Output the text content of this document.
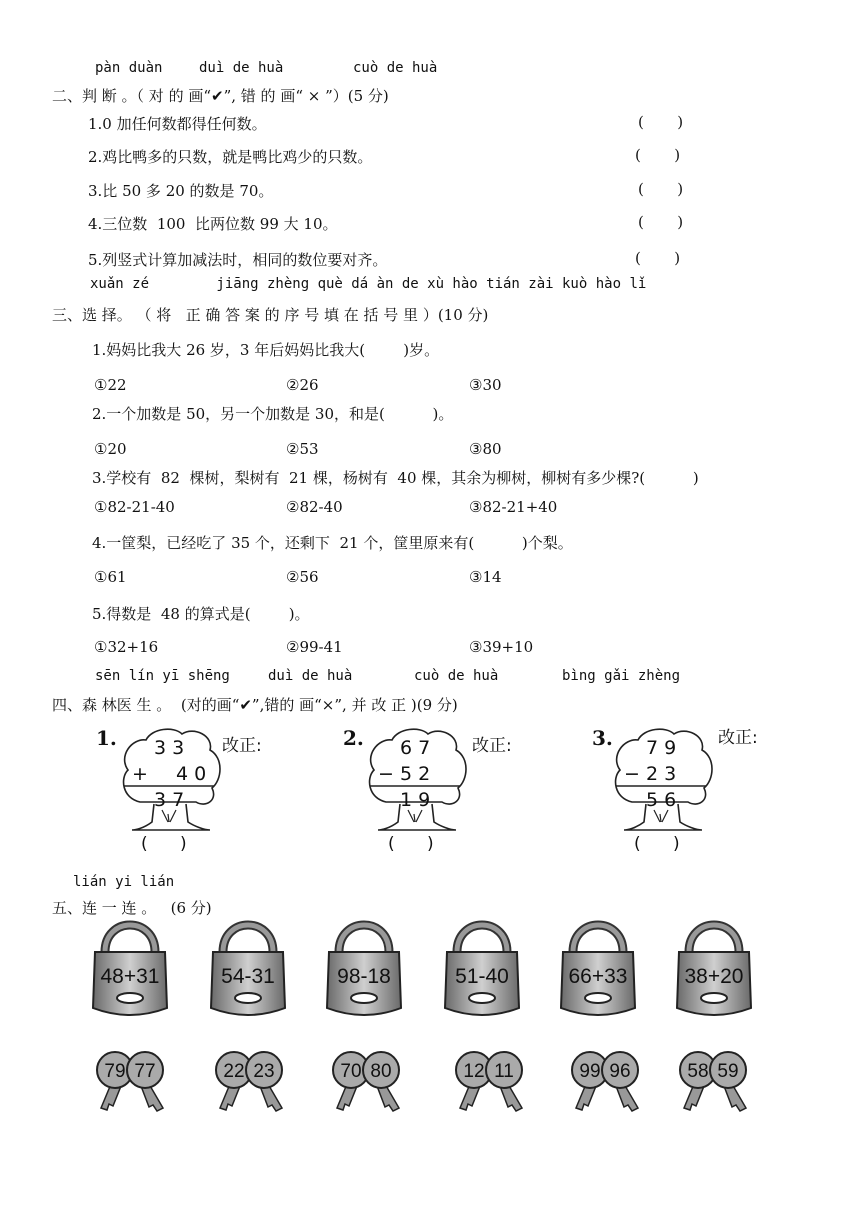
pàn duàn	duì de huà	cuò de huà
二、判 断 。（ 对 的 画“✔”, 错 的 画“ × ”）(5 分)
1.0 加任何数都得任何数。	(       )
2.鸡比鸭多的只数，就是鸭比鸡少的只数。	(       )
3.比 50 多 20 的数是 70。	(       )
4.三位数  100  比两位数 99 大 10。	(       )
5.列竖式计算加减法时，相同的数位要对齐。	(       )
xuǎn zé        jiāng zhèng què dá àn de xù hào tián zài kuò hào lǐ
三、选 择。 （ 将   正 确 答 案 的 序 号 填 在 括 号 里 ）(10 分)
1.妈妈比我大 26 岁，3 年后妈妈比我大(        )岁。
①22	②26	③30
2.一个加数是 50，另一个加数是 30，和是(          )。
①20	②53	③80
3.学校有  82  棵树，梨树有  21 棵，杨树有  40 棵，其余为柳树，柳树有多少棵?(          )
①82-21-40	②82-40	③82-21+40
4.一筐梨，已经吃了 35 个，还剩下  21 个，筐里原来有(          )个梨。
①61	②56	③14
5.得数是  48 的算式是(        )。
①32+16	②99-41	③39+10
sēn lín yī shēng	duì de huà	cuò de huà	bìng gǎi zhèng
四、森 林医 生 。  (对的画“✔”,错的 画“×”, 并 改 正 )(9 分)
1.	改正:
3 3
+ 4 0
3 7
(      )
2.	改正:
6 7
− 5 2
1 9
(      )
3.	改正:
7 9
− 2 3
5 6
(      )
lián yi lián
五、连 一 连 。   (6 分)
48+31	54-31	98-18	51-40	66+33	38+20
79 77	22 23	70 80	12 11	99 96	58 59
